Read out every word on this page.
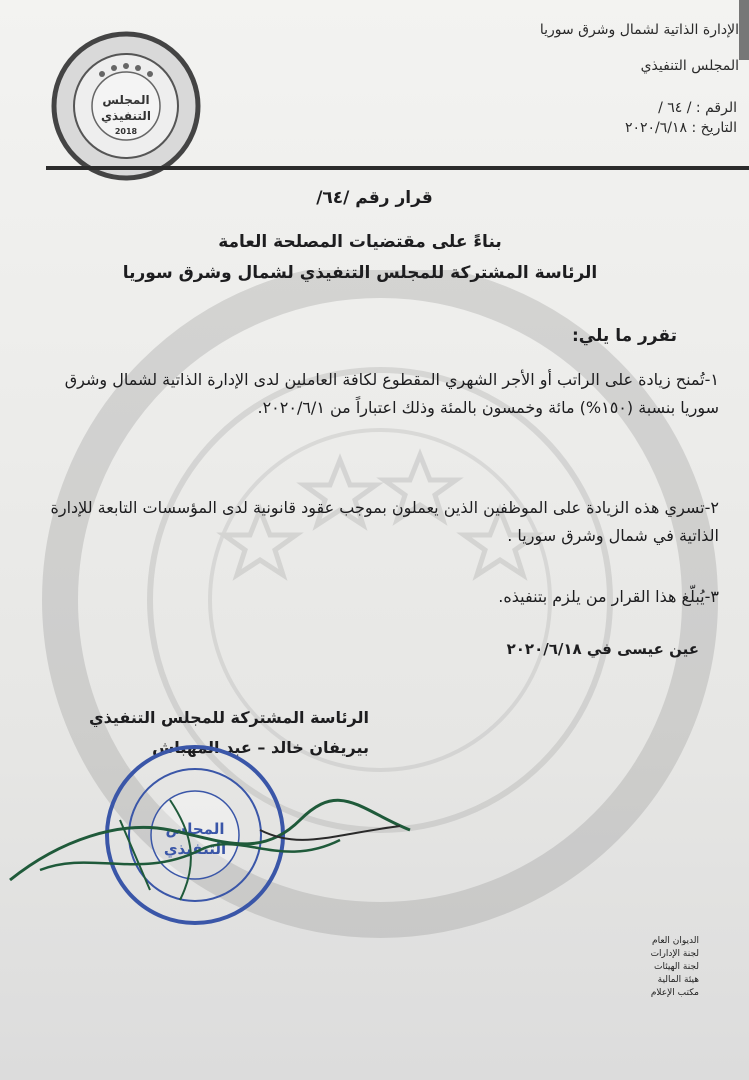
الإدارة الذاتية لشمال وشرق سوريا
المجلس التنفيذي
الرقم : / ٦٤ /
التاريخ : ٢٠٢٠/٦/١٨
المجلس
التنفيذي
2018
قرار رقم /٦٤/
بناءً على مقتضيات المصلحة العامة
الرئاسة المشتركة للمجلس التنفيذي لشمال وشرق سوريا
تقرر ما يلي:
١-تُمنح زيادة على الراتب أو الأجر الشهري المقطوع لكافة العاملين لدى الإدارة الذاتية لشمال وشرق سوريا بنسبة (١٥٠%) مائة وخمسون بالمئة وذلك اعتباراً من ٢٠٢٠/٦/١.
٢-تسري هذه الزيادة على الموظفين الذين يعملون بموجب عقود قانونية لدى المؤسسات التابعة للإدارة الذاتية في شمال وشرق سوريا .
٣-يُبلّغ هذا القرار من يلزم بتنفيذه.
عين عيسى في ٢٠٢٠/٦/١٨
الرئاسة المشتركة للمجلس التنفيذي
بيريفان خالد – عبد المهباش
المجلس
التنفيذي
الديوان العام
لجنة الإدارات
لجنة الهيئات
هيئة المالية
مكتب الإعلام
